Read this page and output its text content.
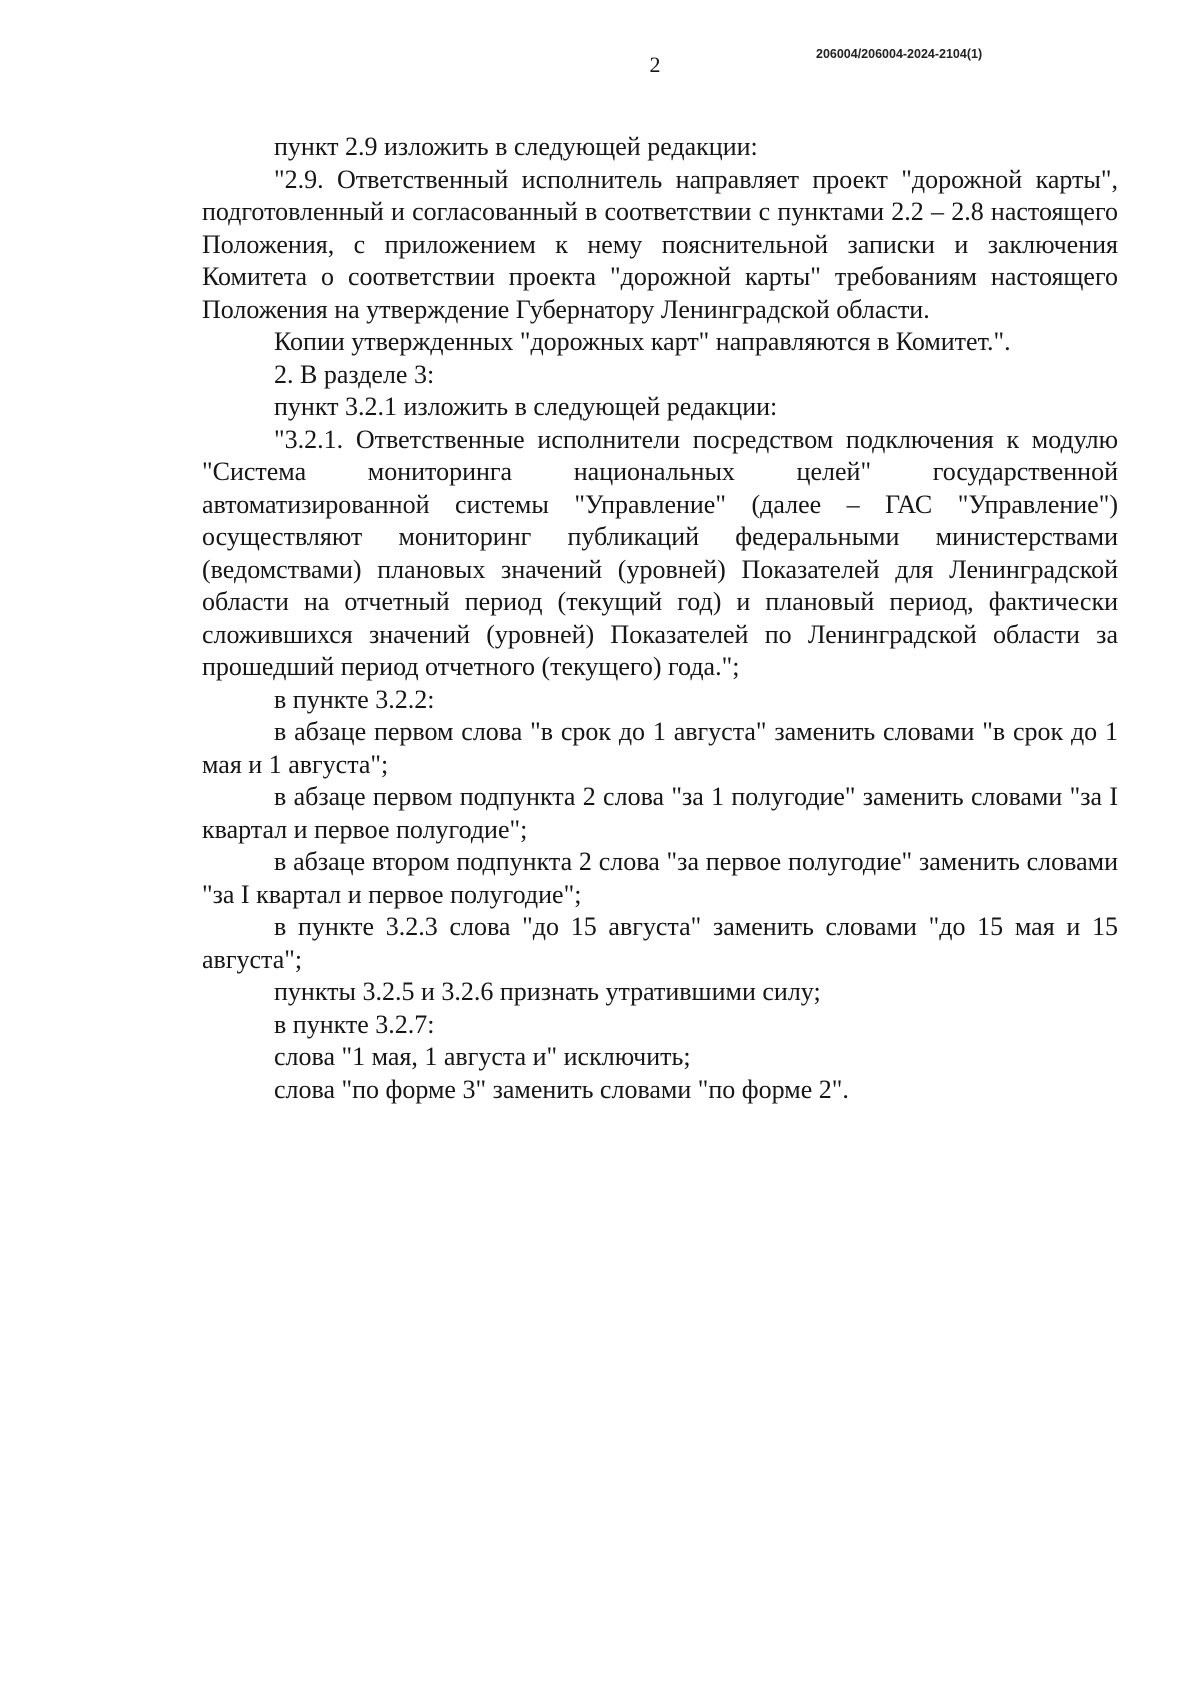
2	206004/206004-2024-2104(1)

пункт 2.9 изложить в следующей редакции:

"2.9. Ответственный исполнитель направляет проект "дорожной карты", подготовленный и согласованный в соответствии с пунктами 2.2 – 2.8 настоящего Положения, с приложением к нему пояснительной записки и заключения Комитета о соответствии проекта "дорожной карты" требованиям настоящего Положения на утверждение Губернатору Ленинградской области.

Копии утвержденных "дорожных карт" направляются в Комитет.".

2. В разделе 3:

пункт 3.2.1 изложить в следующей редакции:

"3.2.1. Ответственные исполнители посредством подключения к модулю "Система мониторинга национальных целей" государственной автоматизированной системы "Управление" (далее – ГАС "Управление") осуществляют мониторинг публикаций федеральными министерствами (ведомствами) плановых значений (уровней) Показателей для Ленинградской области на отчетный период (текущий год) и плановый период, фактически сложившихся значений (уровней) Показателей по Ленинградской области за прошедший период отчетного (текущего) года.";

в пункте 3.2.2:

в абзаце первом слова "в срок до 1 августа" заменить словами "в срок до 1 мая и 1 августа";

в абзаце первом подпункта 2 слова "за 1 полугодие" заменить словами "за I квартал и первое полугодие";

в абзаце втором подпункта 2 слова "за первое полугодие" заменить словами "за I квартал и первое полугодие";

в пункте 3.2.3 слова "до 15 августа" заменить словами "до 15 мая и 15 августа";

пункты 3.2.5 и 3.2.6 признать утратившими силу;

в пункте 3.2.7:

слова "1 мая, 1 августа и" исключить;

слова "по форме 3" заменить словами "по форме 2".
